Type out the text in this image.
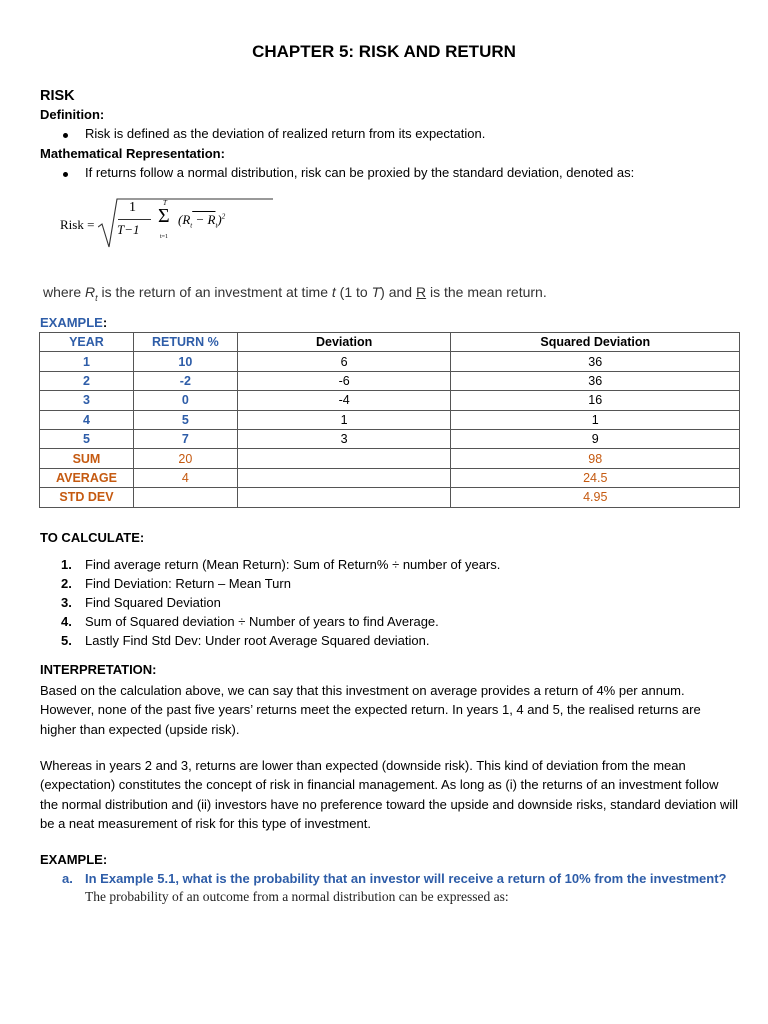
CHAPTER 5: RISK AND RETURN
RISK
Definition:
Risk is defined as the deviation of realized return from its expectation.
Mathematical Representation:
If returns follow a normal distribution, risk can be proxied by the standard deviation, denoted as:
Risk =
1
T−1
T
Σ
t=1
$(R_t - R_t)^2$
where $R_t$ is the return of an investment at time t (1 to T) and R is the mean return.
EXAMPLE:
YEAR	RETURN %	Deviation	Squared Deviation
1	10	6	36
2	-2	-6	36
3	0	-4	16
4	5	1	1
5	7	3	9
SUM	20		98
AVERAGE	4		24.5
STD DEV			4.95
TO CALCULATE:
1. Find average return (Mean Return): Sum of Return% ÷ number of years.
2. Find Deviation: Return – Mean Turn
3. Find Squared Deviation
4. Sum of Squared deviation ÷ Number of years to find Average.
5. Lastly Find Std Dev: Under root Average Squared deviation.
INTERPRETATION:
Based on the calculation above, we can say that this investment on average provides a return of 4% per annum. However, none of the past five years’ returns meet the expected return. In years 1, 4 and 5, the realised returns are higher than expected (upside risk).
Whereas in years 2 and 3, returns are lower than expected (downside risk). This kind of deviation from the mean (expectation) constitutes the concept of risk in financial management. As long as (i) the returns of an investment follow the normal distribution and (ii) investors have no preference toward the upside and downside risks, standard deviation will be a neat measurement of risk for this type of investment.
EXAMPLE:
a. In Example 5.1, what is the probability that an investor will receive a return of 10% from the investment?
The probability of an outcome from a normal distribution can be expressed as:
